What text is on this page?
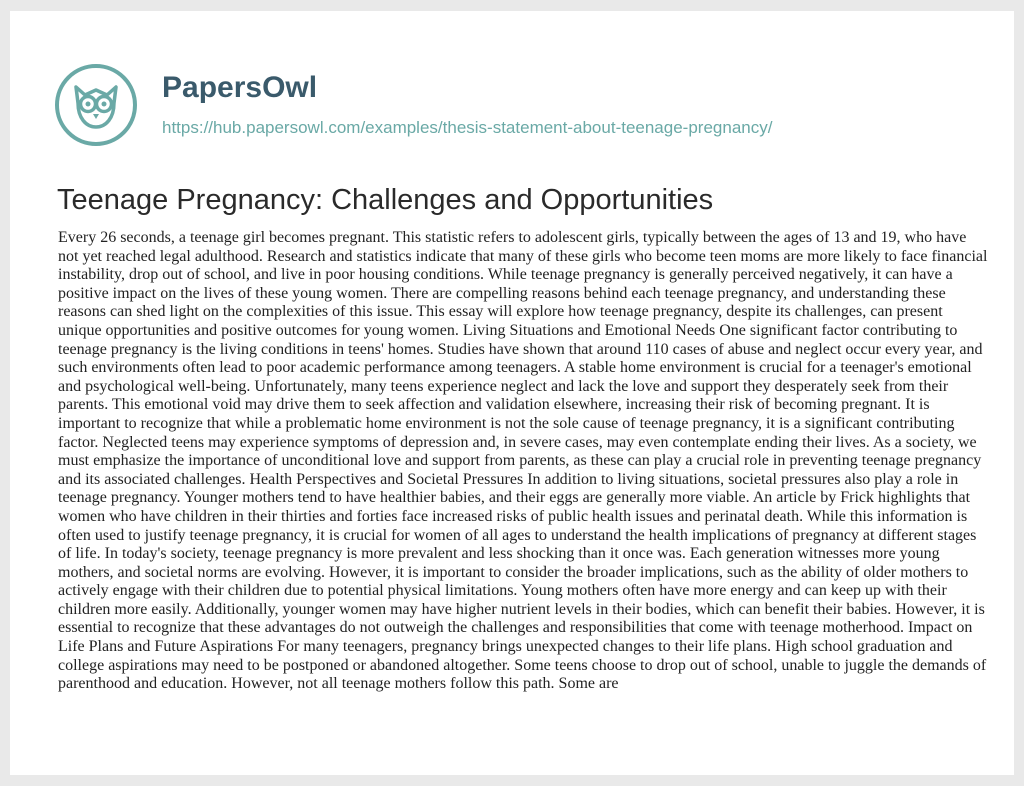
PapersOwl
https://hub.papersowl.com/examples/thesis-statement-about-teenage-pregnancy/
Teenage Pregnancy: Challenges and Opportunities

Every 26 seconds, a teenage girl becomes pregnant. This statistic refers to adolescent girls, typically between the ages of 13 and 19, who have not yet reached legal adulthood. Research and statistics indicate that many of these girls who become teen moms are more likely to face financial instability, drop out of school, and live in poor housing conditions. While teenage pregnancy is generally perceived negatively, it can have a positive impact on the lives of these young women. There are compelling reasons behind each teenage pregnancy, and understanding these reasons can shed light on the complexities of this issue. This essay will explore how teenage pregnancy, despite its challenges, can present unique opportunities and positive outcomes for young women. Living Situations and Emotional Needs One significant factor contributing to teenage pregnancy is the living conditions in teens' homes. Studies have shown that around 110 cases of abuse and neglect occur every year, and such environments often lead to poor academic performance among teenagers. A stable home environment is crucial for a teenager's emotional and psychological well-being. Unfortunately, many teens experience neglect and lack the love and support they desperately seek from their parents. This emotional void may drive them to seek affection and validation elsewhere, increasing their risk of becoming pregnant. It is important to recognize that while a problematic home environment is not the sole cause of teenage pregnancy, it is a significant contributing factor. Neglected teens may experience symptoms of depression and, in severe cases, may even contemplate ending their lives. As a society, we must emphasize the importance of unconditional love and support from parents, as these can play a crucial role in preventing teenage pregnancy and its associated challenges. Health Perspectives and Societal Pressures In addition to living situations, societal pressures also play a role in teenage pregnancy. Younger mothers tend to have healthier babies, and their eggs are generally more viable. An article by Frick highlights that women who have children in their thirties and forties face increased risks of public health issues and perinatal death. While this information is often used to justify teenage pregnancy, it is crucial for women of all ages to understand the health implications of pregnancy at different stages of life. In today's society, teenage pregnancy is more prevalent and less shocking than it once was. Each generation witnesses more young mothers, and societal norms are evolving. However, it is important to consider the broader implications, such as the ability of older mothers to actively engage with their children due to potential physical limitations. Young mothers often have more energy and can keep up with their children more easily. Additionally, younger women may have higher nutrient levels in their bodies, which can benefit their babies. However, it is essential to recognize that these advantages do not outweigh the challenges and responsibilities that come with teenage motherhood. Impact on Life Plans and Future Aspirations For many teenagers, pregnancy brings unexpected changes to their life plans. High school graduation and college aspirations may need to be postponed or abandoned altogether. Some teens choose to drop out of school, unable to juggle the demands of parenthood and education. However, not all teenage mothers follow this path. Some are
